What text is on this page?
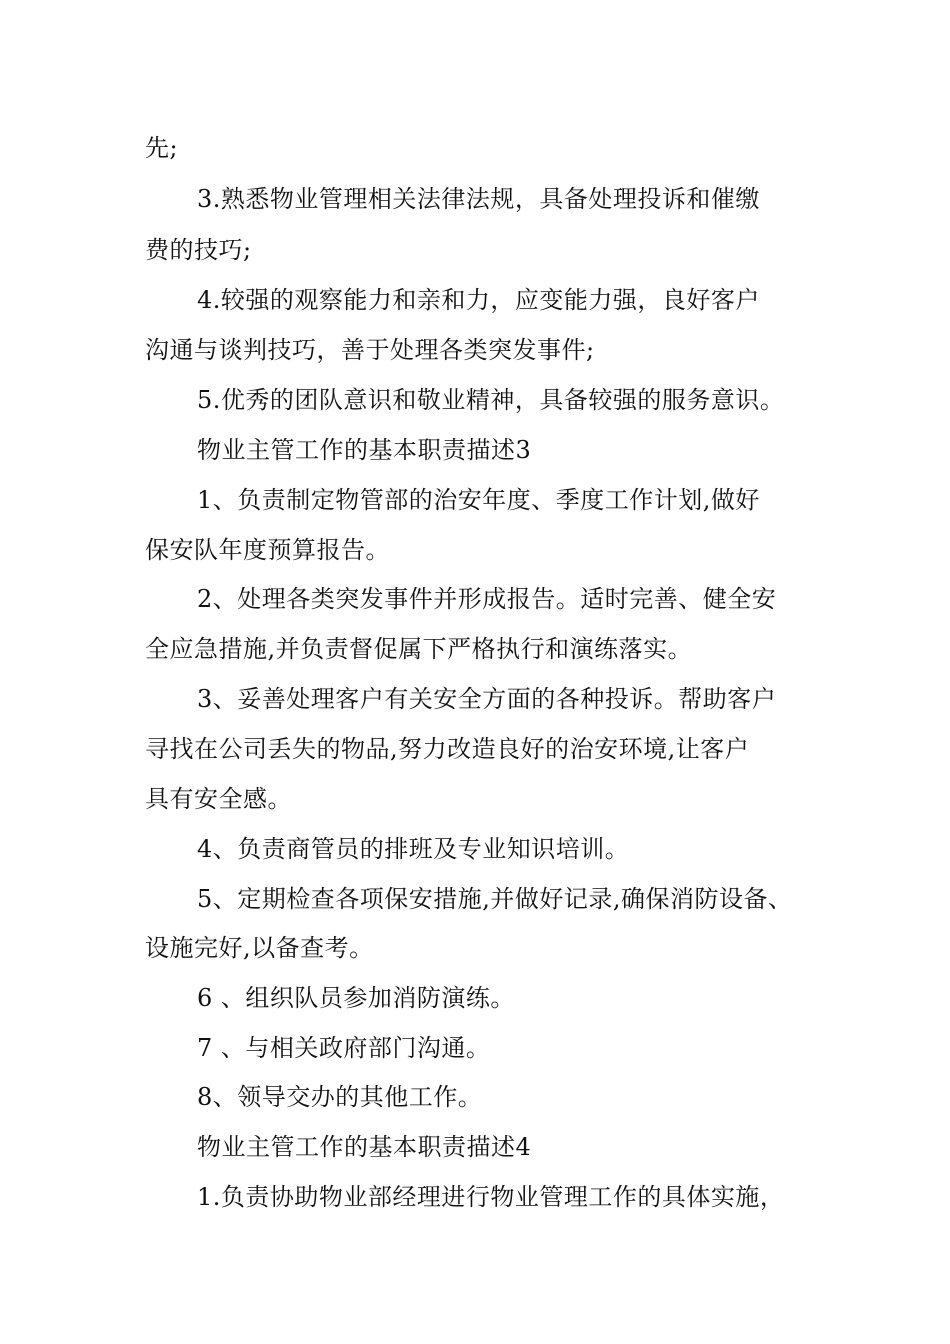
先;
3.熟悉物业管理相关法律法规，具备处理投诉和催缴
费的技巧;
4.较强的观察能力和亲和力，应变能力强，良好客户
沟通与谈判技巧，善于处理各类突发事件;
5.优秀的团队意识和敬业精神，具备较强的服务意识。
物业主管工作的基本职责描述3
1、负责制定物管部的治安年度、季度工作计划,做好
保安队年度预算报告。
2、处理各类突发事件并形成报告。适时完善、健全安
全应急措施,并负责督促属下严格执行和演练落实。
3、妥善处理客户有关安全方面的各种投诉。帮助客户
寻找在公司丢失的物品,努力改造良好的治安环境,让客户
具有安全感。
4、负责商管员的排班及专业知识培训。
5、定期检查各项保安措施,并做好记录,确保消防设备、
设施完好,以备查考。
6 、组织队员参加消防演练。
7 、与相关政府部门沟通。
8、领导交办的其他工作。
物业主管工作的基本职责描述4
1.负责协助物业部经理进行物业管理工作的具体实施，
